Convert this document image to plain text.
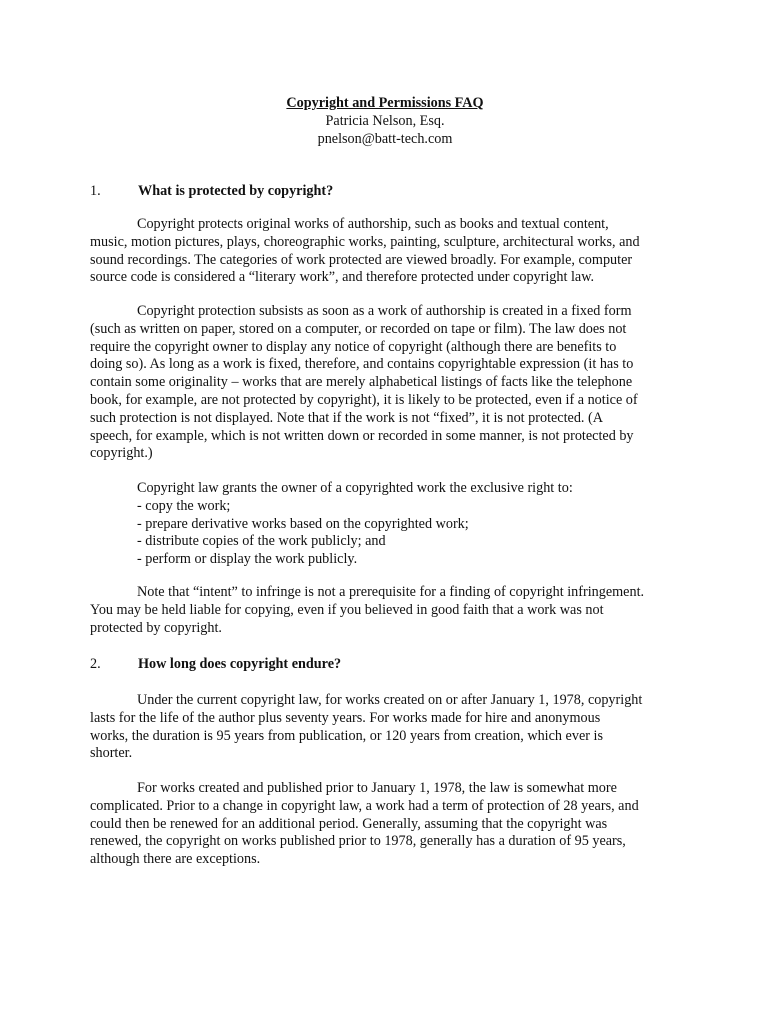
Copyright and Permissions FAQ
Patricia Nelson, Esq.
pnelson@batt-tech.com
1.	What is protected by copyright?
Copyright protects original works of authorship, such as books and textual content,
music, motion pictures, plays, choreographic works, painting, sculpture, architectural works, and
sound recordings. The categories of work protected are viewed broadly. For example, computer
source code is considered a “literary work”, and therefore protected under copyright law.
Copyright protection subsists as soon as a work of authorship is created in a fixed form
(such as written on paper, stored on a computer, or recorded on tape or film). The law does not
require the copyright owner to display any notice of copyright (although there are benefits to
doing so). As long as a work is fixed, therefore, and contains copyrightable expression (it has to
contain some originality – works that are merely alphabetical listings of facts like the telephone
book, for example, are not protected by copyright), it is likely to be protected, even if a notice of
such protection is not displayed. Note that if the work is not “fixed”, it is not protected. (A
speech, for example, which is not written down or recorded in some manner, is not protected by
copyright.)
Copyright law grants the owner of a copyrighted work the exclusive right to:
- copy the work;
- prepare derivative works based on the copyrighted work;
- distribute copies of the work publicly; and
- perform or display the work publicly.
Note that “intent” to infringe is not a prerequisite for a finding of copyright infringement.
You may be held liable for copying, even if you believed in good faith that a work was not
protected by copyright.
2.	How long does copyright endure?
Under the current copyright law, for works created on or after January 1, 1978, copyright
lasts for the life of the author plus seventy years. For works made for hire and anonymous
works, the duration is 95 years from publication, or 120 years from creation, which ever is
shorter.
For works created and published prior to January 1, 1978, the law is somewhat more
complicated. Prior to a change in copyright law, a work had a term of protection of 28 years, and
could then be renewed for an additional period. Generally, assuming that the copyright was
renewed, the copyright on works published prior to 1978, generally has a duration of 95 years,
although there are exceptions.
